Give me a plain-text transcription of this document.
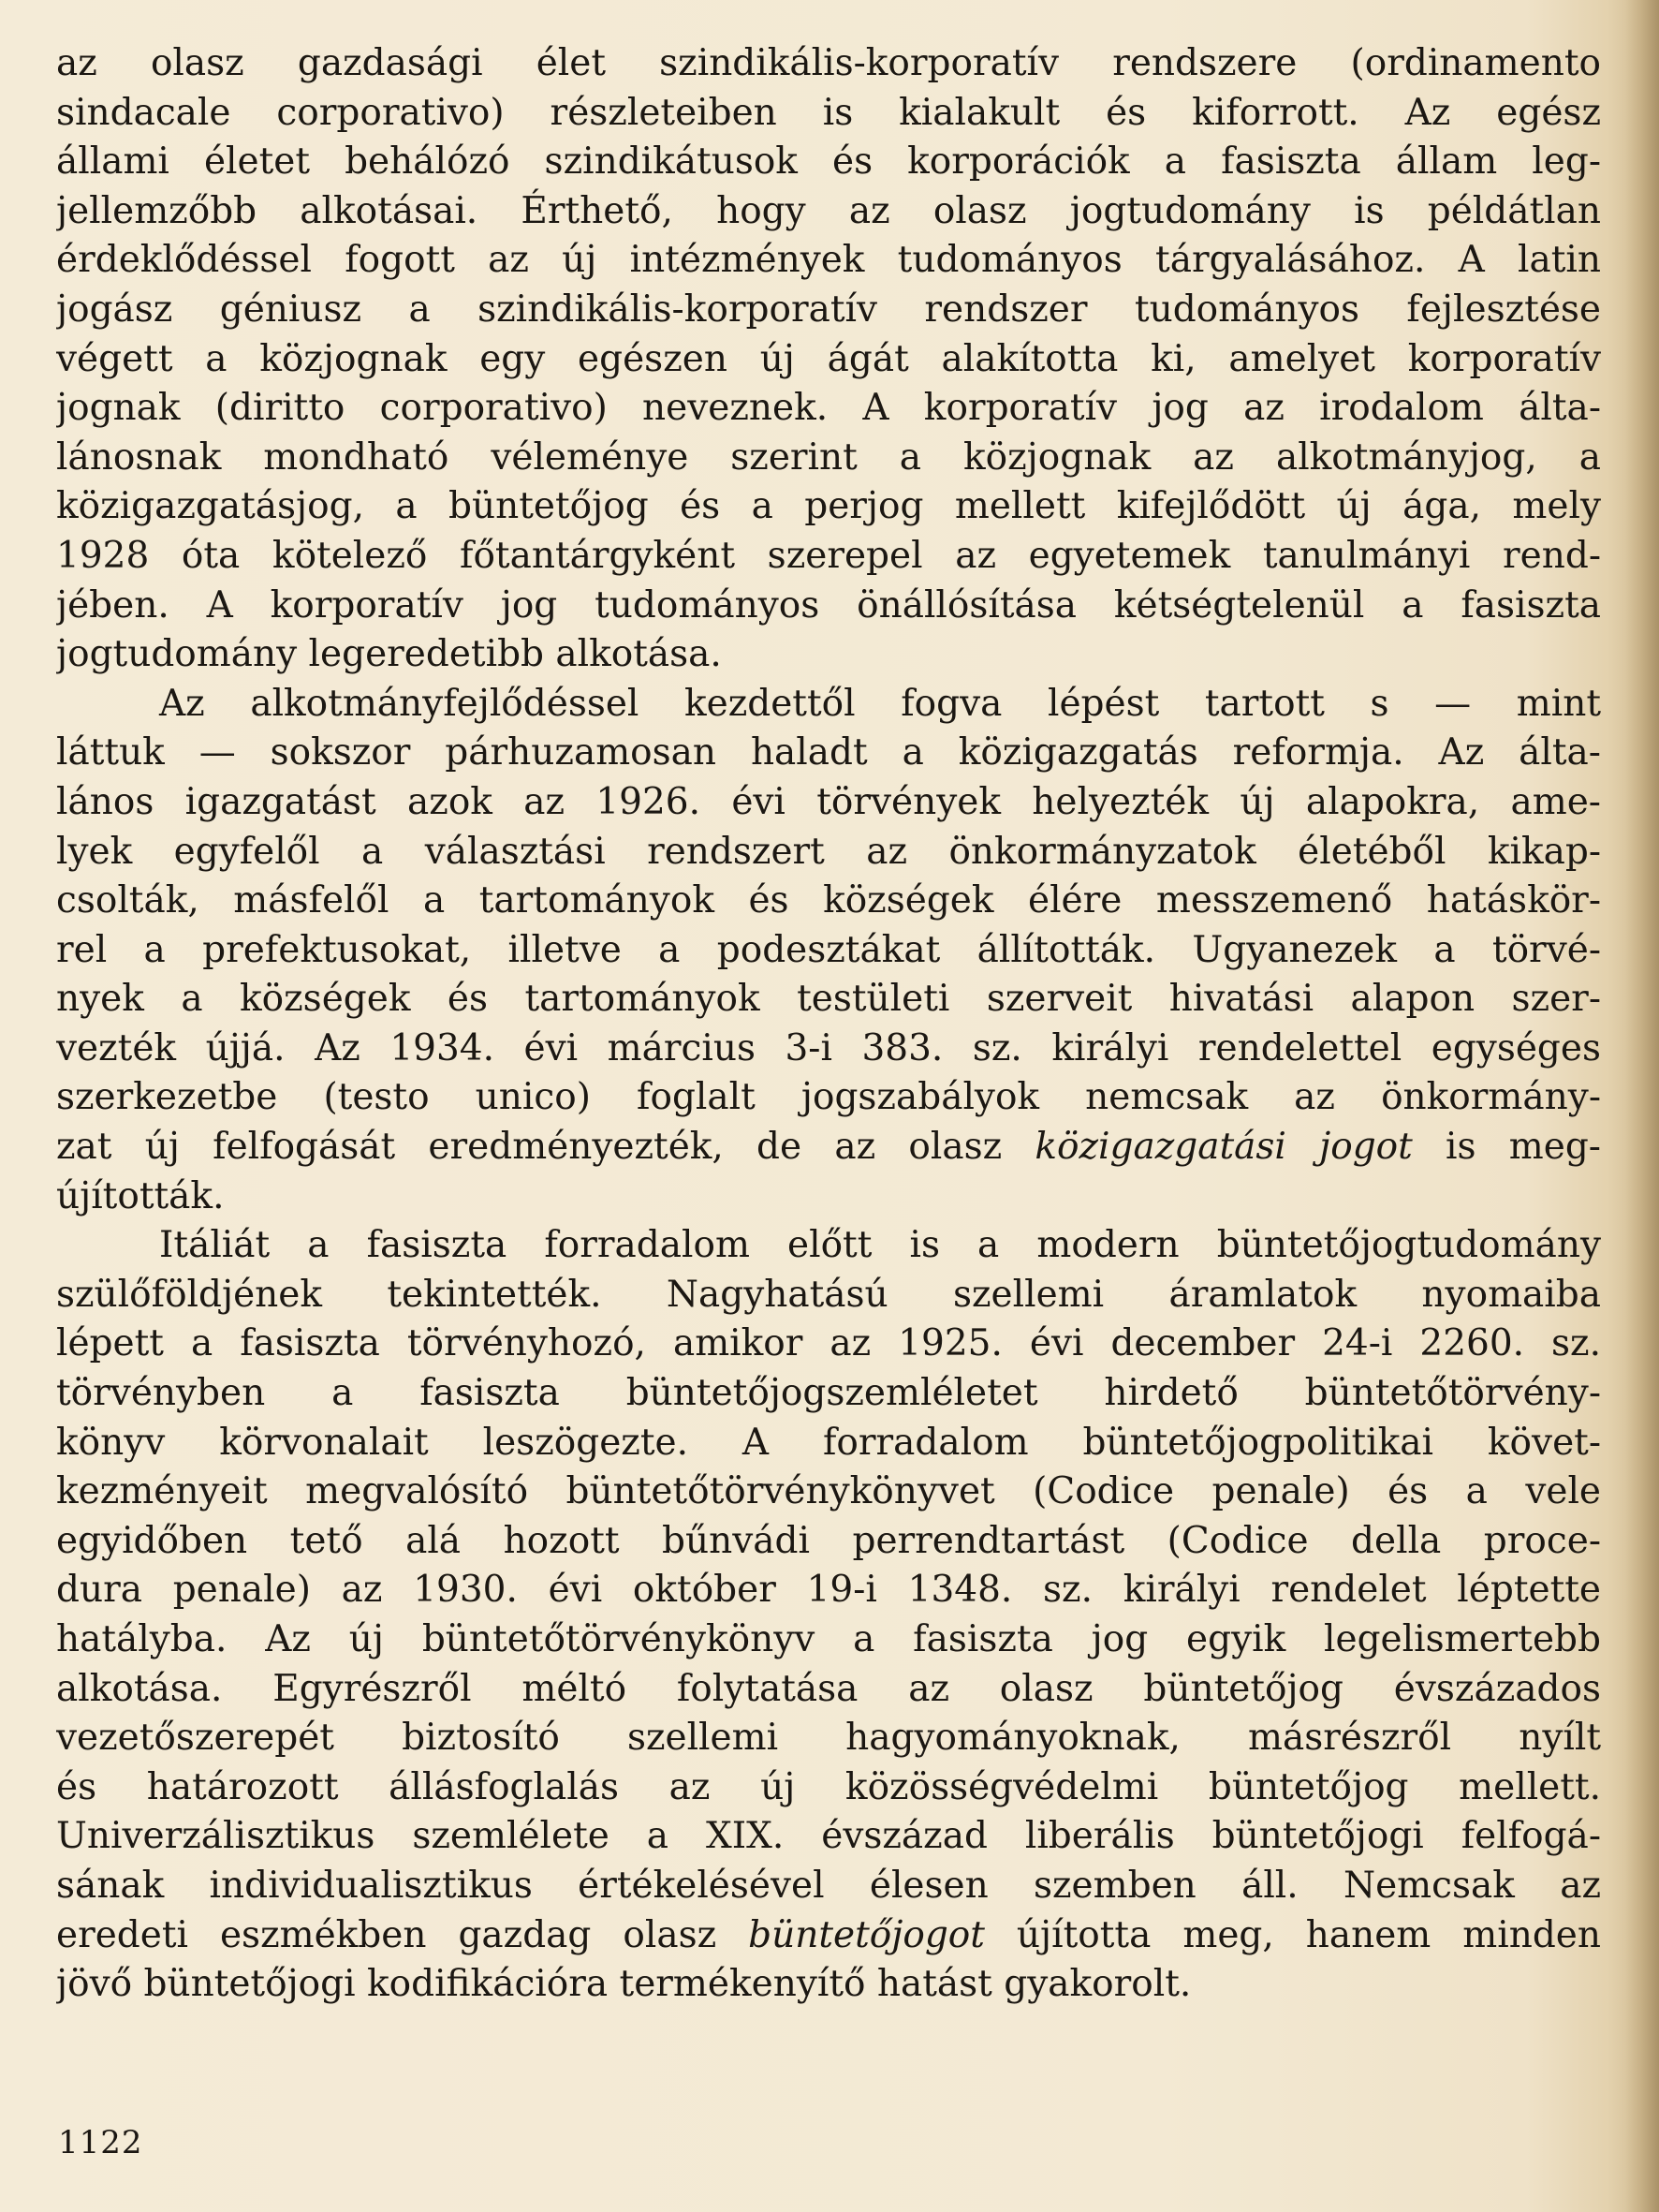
az olasz gazdasági élet szindikális-korporatív rendszere (ordinamento
sindacale corporativo) részleteiben is kialakult és kiforrott. Az egész
állami életet behálózó szindikátusok és korporációk a fasiszta állam leg-
jellemzőbb alkotásai. Érthető, hogy az olasz jogtudomány is példátlan
érdeklődéssel fogott az új intézmények tudományos tárgyalásához. A latin
jogász géniusz a szindikális-korporatív rendszer tudományos fejlesztése
végett a közjognak egy egészen új ágát alakította ki, amelyet korporatív
jognak (diritto corporativo) neveznek. A korporatív jog az irodalom álta-
lánosnak mondható véleménye szerint a közjognak az alkotmányjog, a
közigazgatásjog, a büntetőjog és a perjog mellett kifejlődött új ága, mely
1928 óta kötelező főtantárgyként szerepel az egyetemek tanulmányi rend-
jében. A korporatív jog tudományos önállósítása kétségtelenül a fasiszta
jogtudomány legeredetibb alkotása.

Az alkotmányfejlődéssel kezdettől fogva lépést tartott s — mint
láttuk — sokszor párhuzamosan haladt a közigazgatás reformja. Az álta-
lános igazgatást azok az 1926. évi törvények helyezték új alapokra, ame-
lyek egyfelől a választási rendszert az önkormányzatok életéből kikap-
csolták, másfelől a tartományok és községek élére messzemenő hatáskör-
rel a prefektusokat, illetve a podesztákat állították. Ugyanezek a törvé-
nyek a községek és tartományok testületi szerveit hivatási alapon szer-
vezték újjá. Az 1934. évi március 3-i 383. sz. királyi rendelettel egységes
szerkezetbe (testo unico) foglalt jogszabályok nemcsak az önkormány-
zat új felfogását eredményezték, de az olasz közigazgatási jogot is meg-
újították.

Itáliát a fasiszta forradalom előtt is a modern büntetőjogtudomány
szülőföldjének tekintették. Nagyhatású szellemi áramlatok nyomaiba
lépett a fasiszta törvényhozó, amikor az 1925. évi december 24-i 2260. sz.
törvényben a fasiszta büntetőjogszemléletet hirdető büntetőtörvény-
könyv körvonalait leszögezte. A forradalom büntetőjogpolitikai követ-
kezményeit megvalósító büntetőtörvénykönyvet (Codice penale) és a vele
egyidőben tető alá hozott bűnvádi perrendtartást (Codice della proce-
dura penale) az 1930. évi október 19-i 1348. sz. királyi rendelet léptette
hatályba. Az új büntetőtörvénykönyv a fasiszta jog egyik legelismertebb
alkotása. Egyrészről méltó folytatása az olasz büntetőjog évszázados
vezetőszerepét biztosító szellemi hagyományoknak, másrészről nyílt
és határozott állásfoglalás az új közösségvédelmi büntetőjog mellett.
Univerzálisztikus szemlélete a XIX. évszázad liberális büntetőjogi felfogá-
sának individualisztikus értékelésével élesen szemben áll. Nemcsak az
eredeti eszmékben gazdag olasz büntetőjogot újította meg, hanem minden
jövő büntetőjogi kodifikációra termékenyítő hatást gyakorolt.

1122
